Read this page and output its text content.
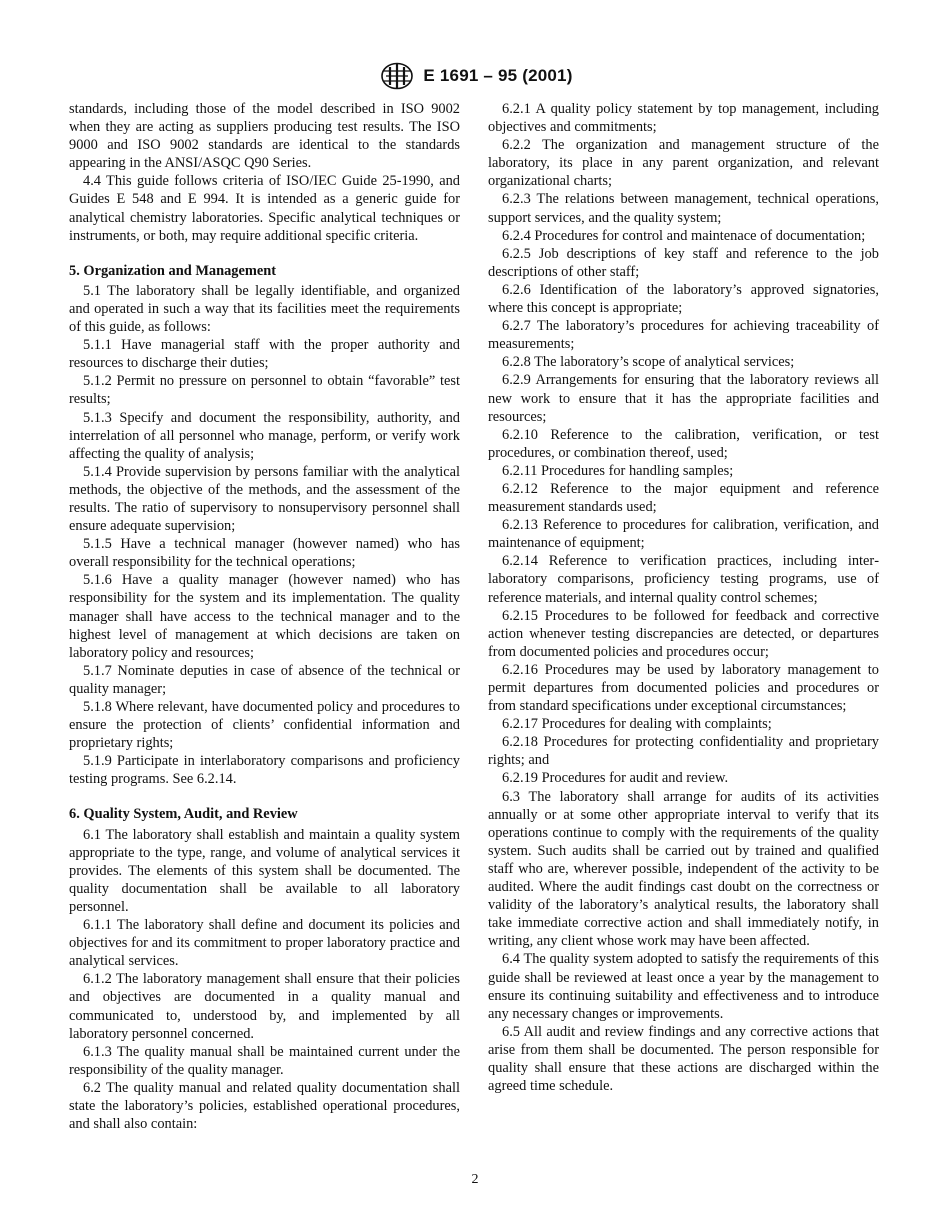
E 1691 – 95 (2001)

standards, including those of the model described in ISO 9002 when they are acting as suppliers producing test results. The ISO 9000 and ISO 9002 standards are identical to the standards appearing in the ANSI/ASQC Q90 Series.

4.4 This guide follows criteria of ISO/IEC Guide 25-1990, and Guides E 548 and E 994. It is intended as a generic guide for analytical chemistry laboratories. Specific analytical techniques or instruments, or both, may require additional specific criteria.

5. Organization and Management

5.1 The laboratory shall be legally identifiable, and organized and operated in such a way that its facilities meet the requirements of this guide, as follows:

5.1.1 Have managerial staff with the proper authority and resources to discharge their duties;

5.1.2 Permit no pressure on personnel to obtain “favorable” test results;

5.1.3 Specify and document the responsibility, authority, and interrelation of all personnel who manage, perform, or verify work affecting the quality of analysis;

5.1.4 Provide supervision by persons familiar with the analytical methods, the objective of the methods, and the assessment of the results. The ratio of supervisory to nonsupervisory personnel shall ensure adequate supervision;

5.1.5 Have a technical manager (however named) who has overall responsibility for the technical operations;

5.1.6 Have a quality manager (however named) who has responsibility for the system and its implementation. The quality manager shall have access to the technical manager and to the highest level of management at which decisions are taken on laboratory policy and resources;

5.1.7 Nominate deputies in case of absence of the technical or quality manager;

5.1.8 Where relevant, have documented policy and procedures to ensure the protection of clients’ confidential information and proprietary rights;

5.1.9 Participate in interlaboratory comparisons and proficiency testing programs. See 6.2.14.

6. Quality System, Audit, and Review

6.1 The laboratory shall establish and maintain a quality system appropriate to the type, range, and volume of analytical services it provides. The elements of this system shall be documented. The quality documentation shall be available to all laboratory personnel.

6.1.1 The laboratory shall define and document its policies and objectives for and its commitment to proper laboratory practice and analytical services.

6.1.2 The laboratory management shall ensure that their policies and objectives are documented in a quality manual and communicated to, understood by, and implemented by all laboratory personnel concerned.

6.1.3 The quality manual shall be maintained current under the responsibility of the quality manager.

6.2 The quality manual and related quality documentation shall state the laboratory’s policies, established operational procedures, and shall also contain:

6.2.1 A quality policy statement by top management, including objectives and commitments;

6.2.2 The organization and management structure of the laboratory, its place in any parent organization, and relevant organizational charts;

6.2.3 The relations between management, technical operations, support services, and the quality system;

6.2.4 Procedures for control and maintenace of documentation;

6.2.5 Job descriptions of key staff and reference to the job descriptions of other staff;

6.2.6 Identification of the laboratory’s approved signatories, where this concept is appropriate;

6.2.7 The laboratory’s procedures for achieving traceability of measurements;

6.2.8 The laboratory’s scope of analytical services;

6.2.9 Arrangements for ensuring that the laboratory reviews all new work to ensure that it has the appropriate facilities and resources;

6.2.10 Reference to the calibration, verification, or test procedures, or combination thereof, used;

6.2.11 Procedures for handling samples;

6.2.12 Reference to the major equipment and reference measurement standards used;

6.2.13 Reference to procedures for calibration, verification, and maintenance of equipment;

6.2.14 Reference to verification practices, including interlaboratory comparisons, proficiency testing programs, use of reference materials, and internal quality control schemes;

6.2.15 Procedures to be followed for feedback and corrective action whenever testing discrepancies are detected, or departures from documented policies and procedures occur;

6.2.16 Procedures may be used by laboratory management to permit departures from documented policies and procedures or from standard specifications under exceptional circumstances;

6.2.17 Procedures for dealing with complaints;

6.2.18 Procedures for protecting confidentiality and proprietary rights; and

6.2.19 Procedures for audit and review.

6.3 The laboratory shall arrange for audits of its activities annually or at some other appropriate interval to verify that its operations continue to comply with the requirements of the quality system. Such audits shall be carried out by trained and qualified staff who are, wherever possible, independent of the activity to be audited. Where the audit findings cast doubt on the correctness or validity of the laboratory’s analytical results, the laboratory shall take immediate corrective action and shall immediately notify, in writing, any client whose work may have been affected.

6.4 The quality system adopted to satisfy the requirements of this guide shall be reviewed at least once a year by the management to ensure its continuing suitability and effectiveness and to introduce any necessary changes or improvements.

6.5 All audit and review findings and any corrective actions that arise from them shall be documented. The person responsible for quality shall ensure that these actions are discharged within the agreed time schedule.

2
